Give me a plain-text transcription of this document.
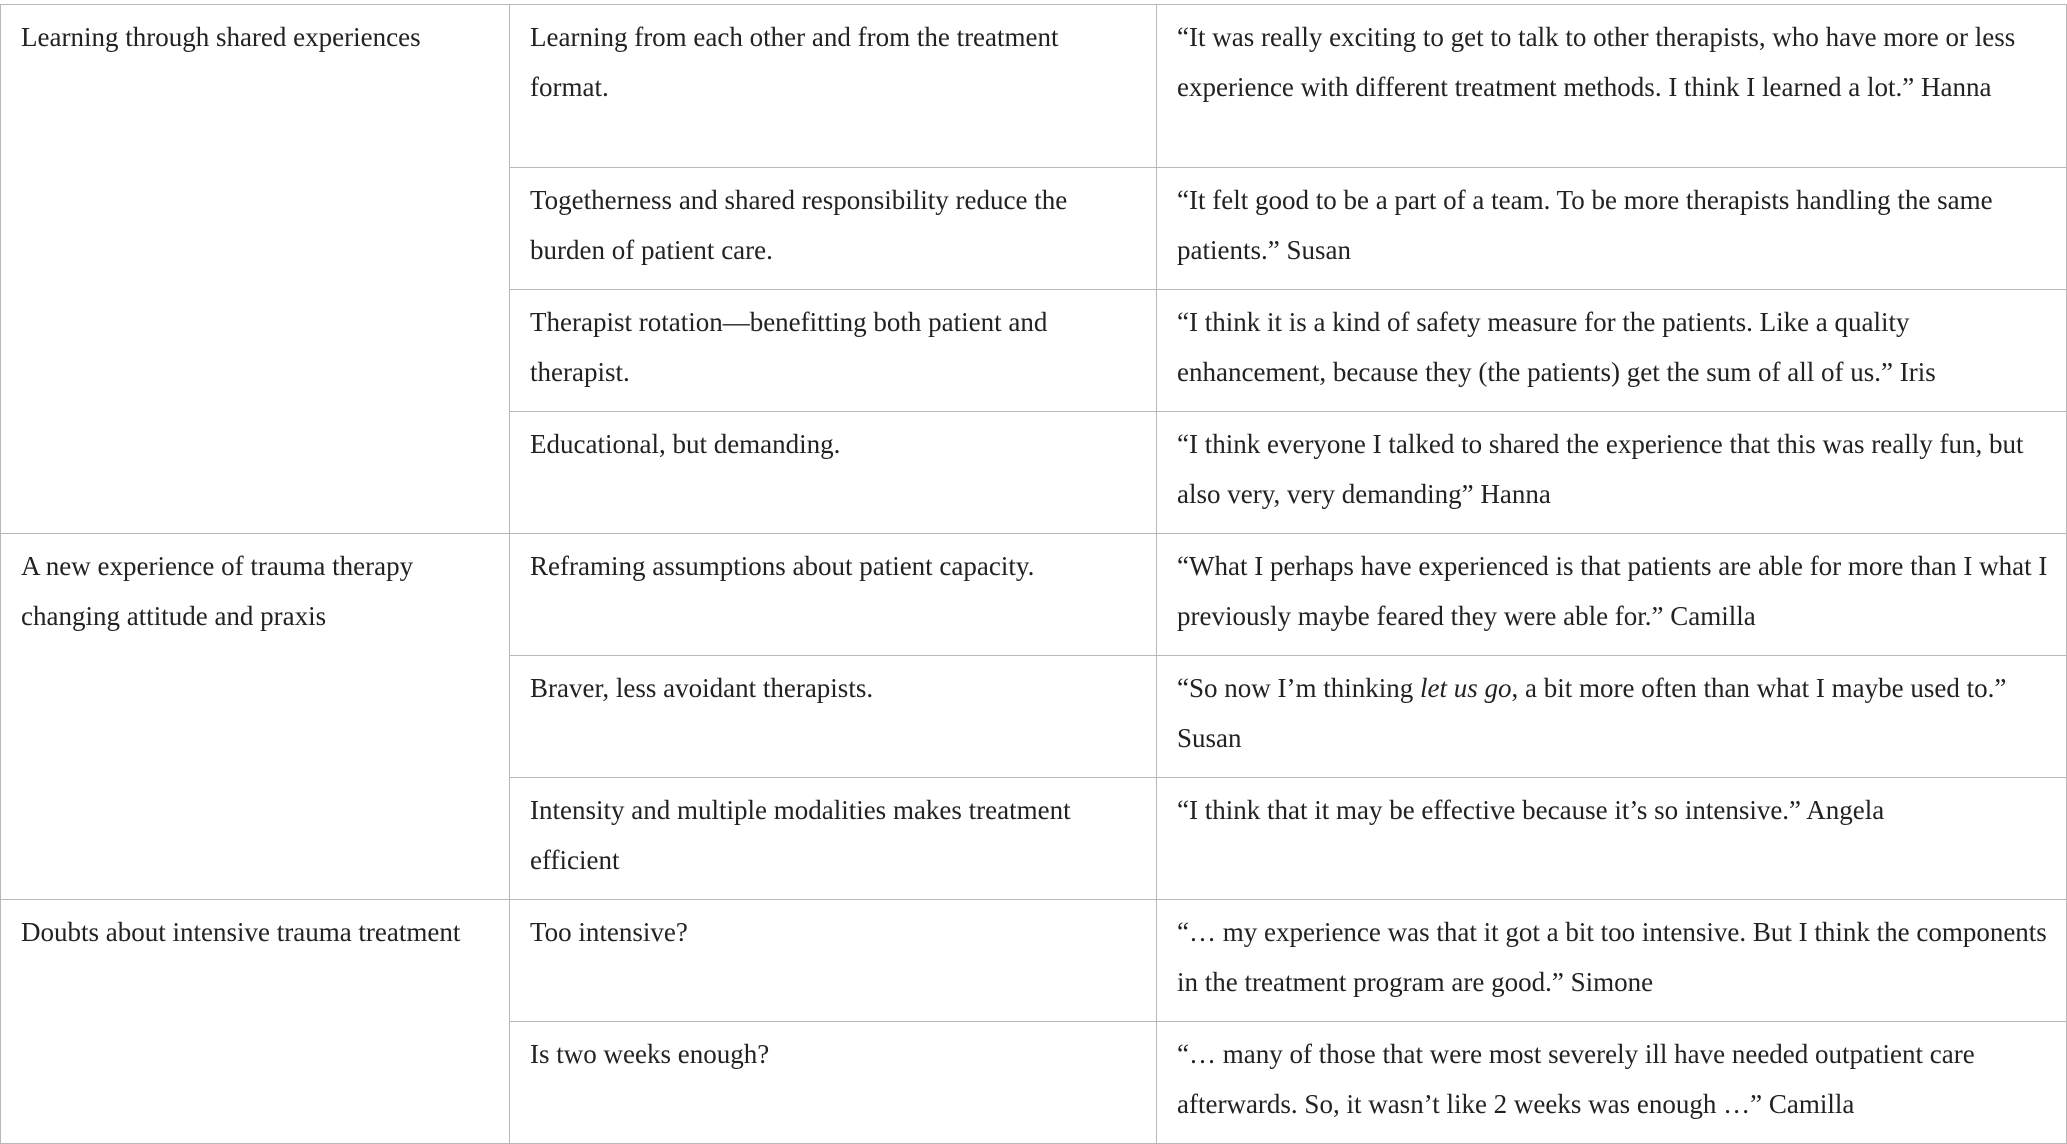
Learning through shared experiences	Learning from each other and from the treatment format.	“It was really exciting to get to talk to other therapists, who have more or less experience with different treatment methods. I think I learned a lot.” Hanna

	Togetherness and shared responsibility reduce the burden of patient care.	“It felt good to be a part of a team. To be more therapists handling the same patients.” Susan

	Therapist rotation—benefitting both patient and therapist.	“I think it is a kind of safety measure for the patients. Like a quality enhancement, because they (the patients) get the sum of all of us.” Iris

	Educational, but demanding.	“I think everyone I talked to shared the experience that this was really fun, but also very, very demanding” Hanna

A new experience of trauma therapy changing attitude and praxis	Reframing assumptions about patient capacity.	“What I perhaps have experienced is that patients are able for more than I what I previously maybe feared they were able for.” Camilla

	Braver, less avoidant therapists.	“So now I’m thinking let us go, a bit more often than what I maybe used to.” Susan

	Intensity and multiple modalities makes treatment efficient	“I think that it may be effective because it’s so intensive.” Angela

Doubts about intensive trauma treatment	Too intensive?	“… my experience was that it got a bit too intensive. But I think the components in the treatment program are good.” Simone

	Is two weeks enough?	“… many of those that were most severely ill have needed outpatient care afterwards. So, it wasn’t like 2 weeks was enough …” Camilla
